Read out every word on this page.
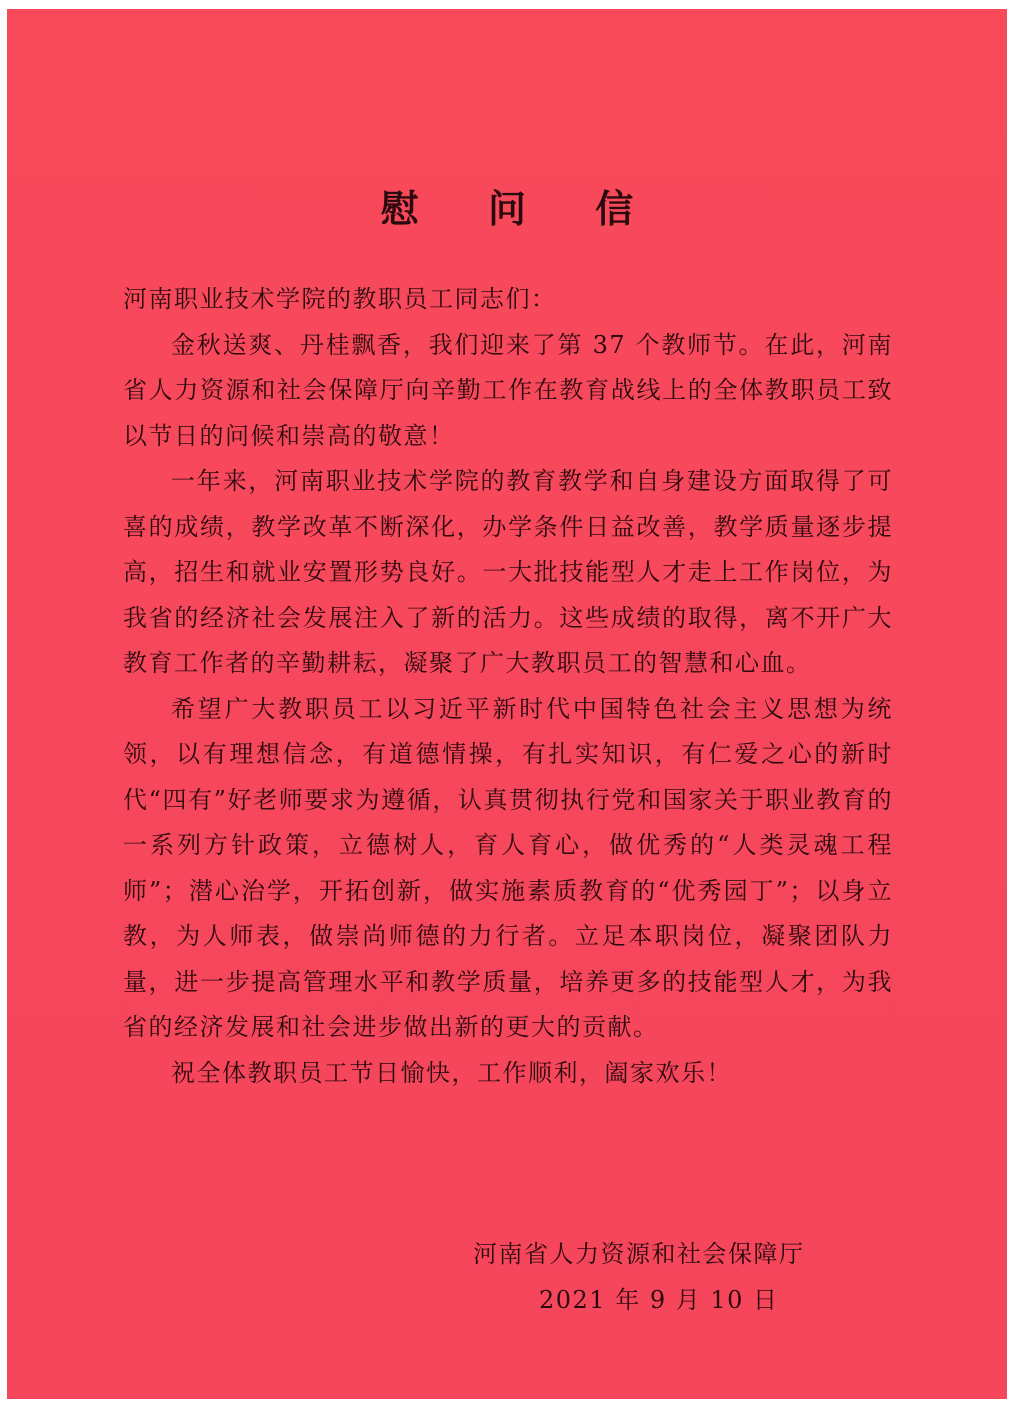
慰 问 信

河南职业技术学院的教职员工同志们：

金秋送爽、丹桂飘香，我们迎来了第 37 个教师节。在此，河南省人力资源和社会保障厅向辛勤工作在教育战线上的全体教职员工致以节日的问候和崇高的敬意！

一年来，河南职业技术学院的教育教学和自身建设方面取得了可喜的成绩，教学改革不断深化，办学条件日益改善，教学质量逐步提高，招生和就业安置形势良好。一大批技能型人才走上工作岗位，为我省的经济社会发展注入了新的活力。这些成绩的取得，离不开广大教育工作者的辛勤耕耘，凝聚了广大教职员工的智慧和心血。

希望广大教职员工以习近平新时代中国特色社会主义思想为统领，以有理想信念，有道德情操，有扎实知识，有仁爱之心的新时代“四有”好老师要求为遵循，认真贯彻执行党和国家关于职业教育的一系列方针政策，立德树人，育人育心，做优秀的“人类灵魂工程师”；潜心治学，开拓创新，做实施素质教育的“优秀园丁”；以身立教，为人师表，做崇尚师德的力行者。立足本职岗位，凝聚团队力量，进一步提高管理水平和教学质量，培养更多的技能型人才，为我省的经济发展和社会进步做出新的更大的贡献。

祝全体教职员工节日愉快，工作顺利，阖家欢乐！

河南省人力资源和社会保障厅
2021 年 9 月 10 日
